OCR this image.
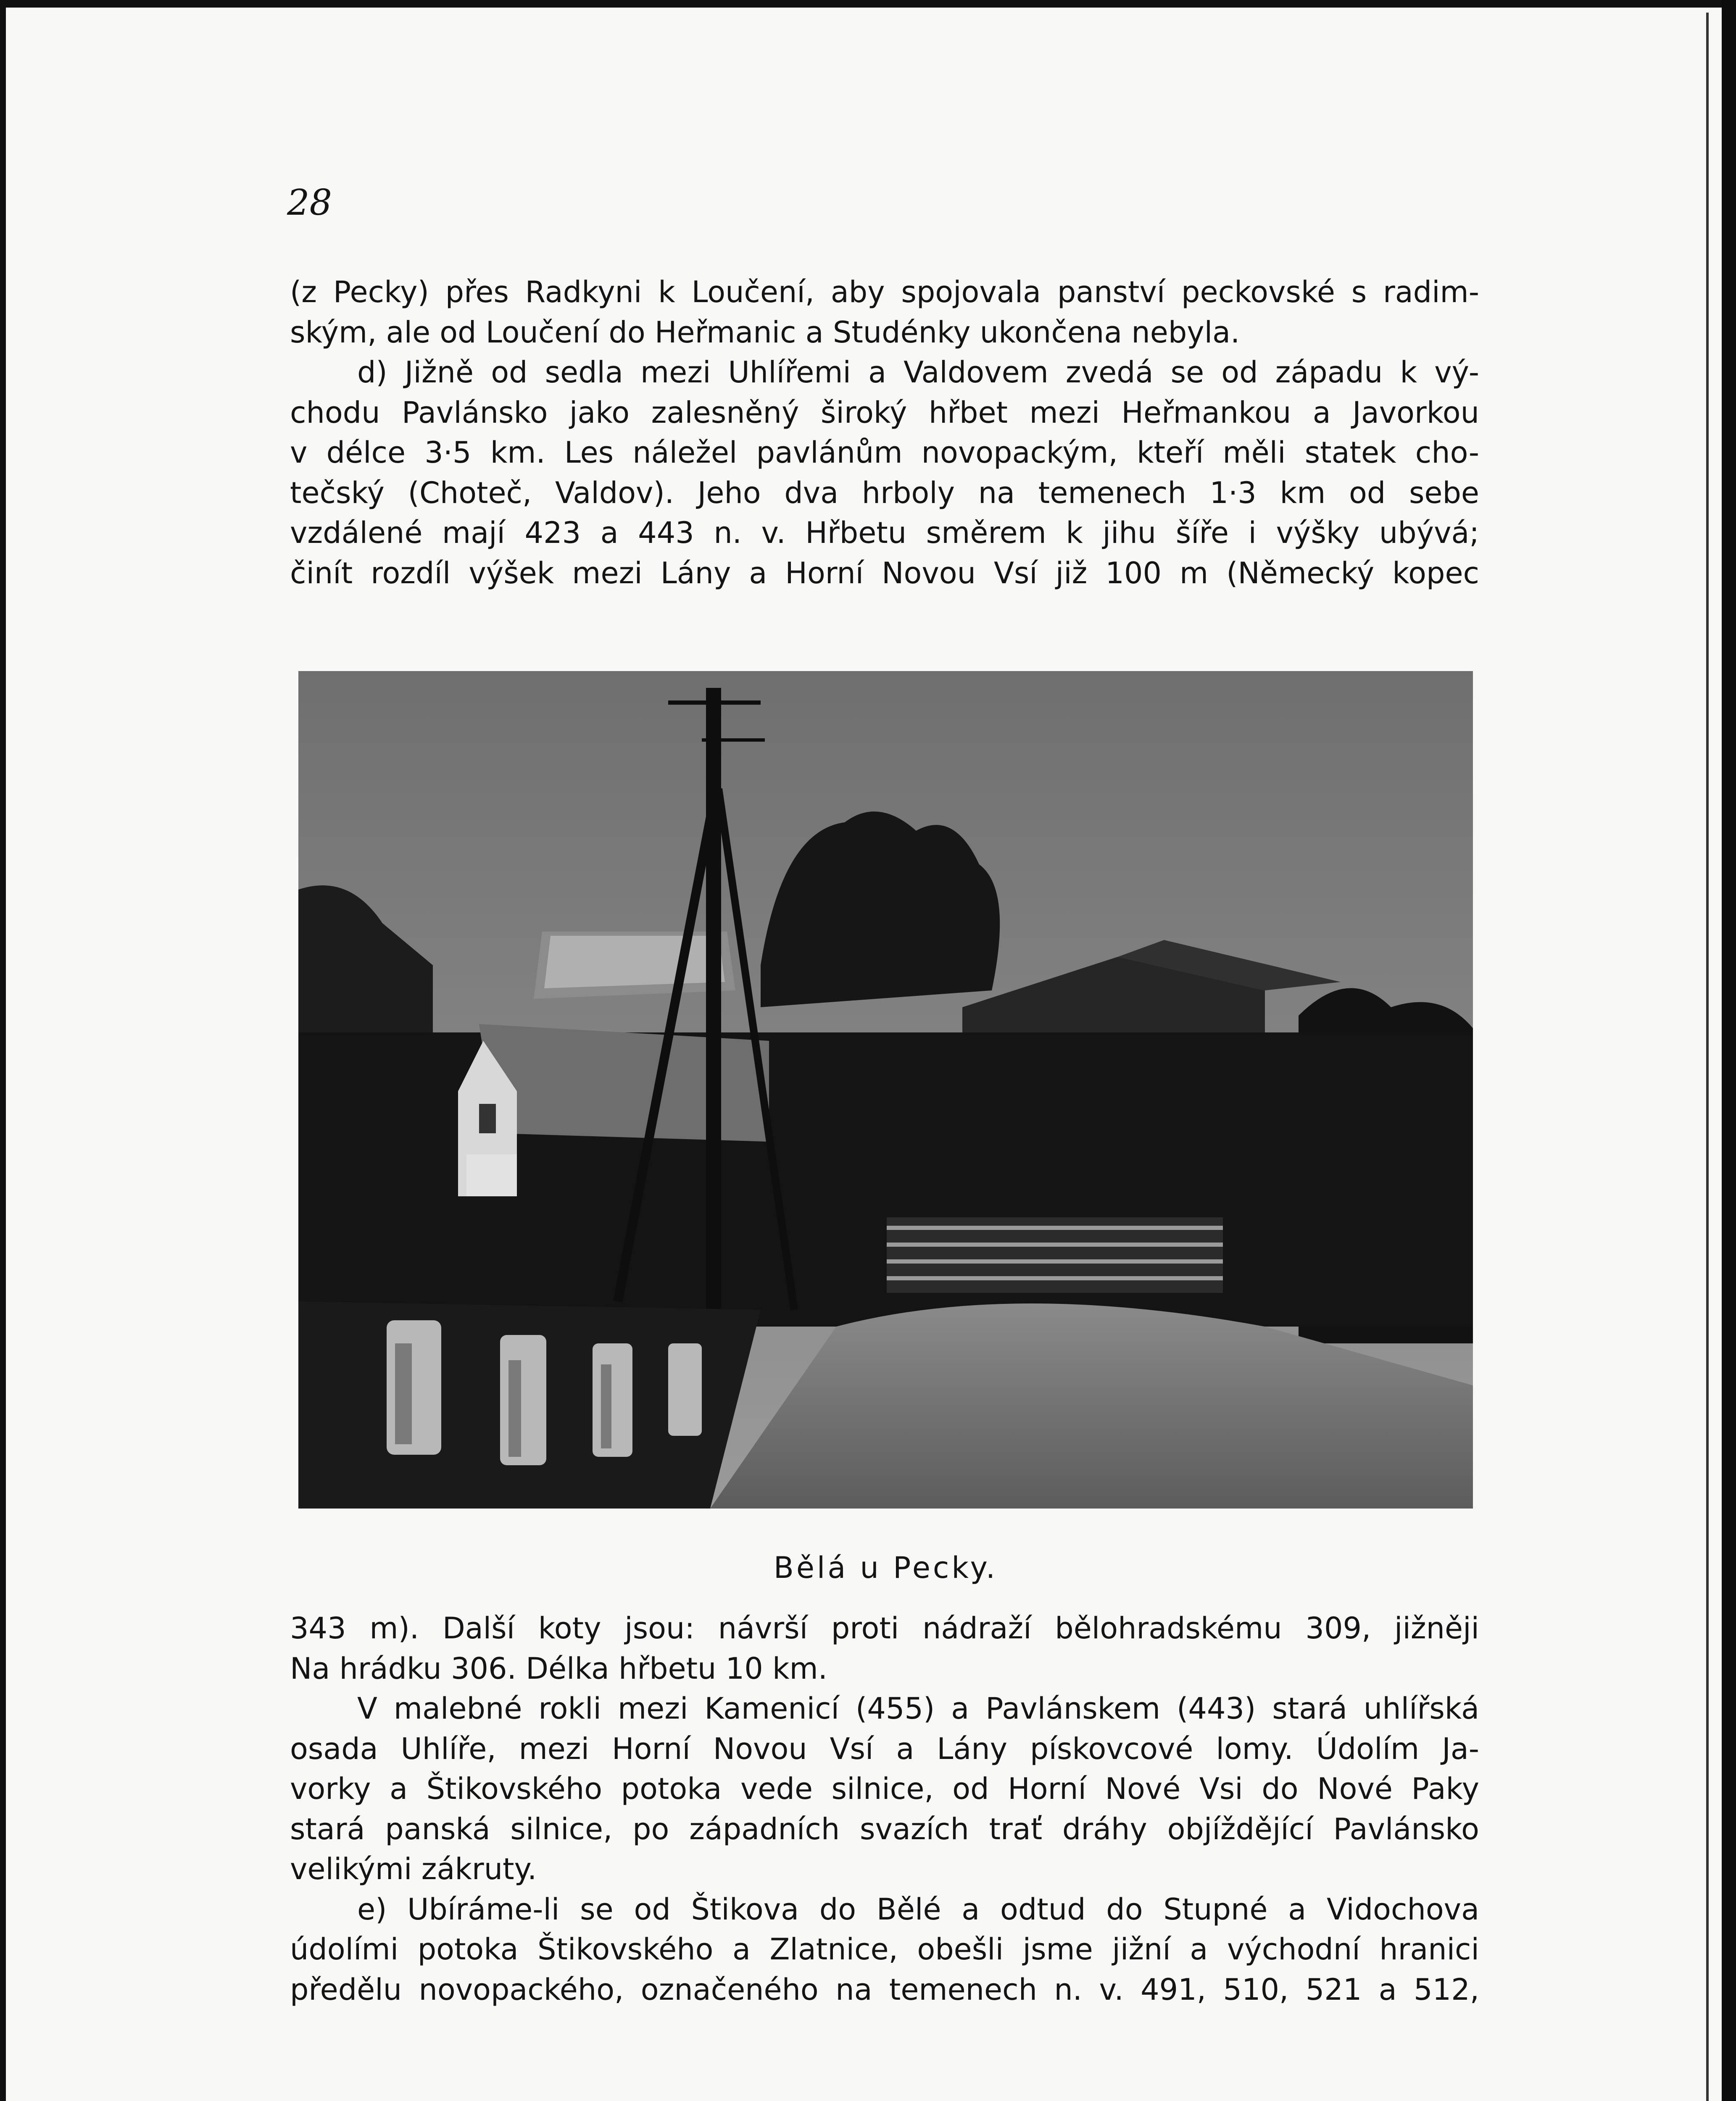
28
(z Pecky) přes Radkyni k Loučení, aby spojovala panství peckovské s radim-
ským, ale od Loučení do Heřmanic a Studénky ukončena nebyla.
d) Jižně od sedla mezi Uhlířemi a Valdovem zvedá se od západu k vý-
chodu Pavlánsko jako zalesněný široký hřbet mezi Heřmankou a Javorkou
v délce 3·5 km. Les náležel pavlánům novopackým, kteří měli statek cho-
tečský (Choteč, Valdov). Jeho dva hrboly na temenech 1·3 km od sebe
vzdálené mají 423 a 443 n. v. Hřbetu směrem k jihu šíře i výšky ubývá;
činít rozdíl výšek mezi Lány a Horní Novou Vsí již 100 m (Německý kopec
Bělá u Pecky.
343 m). Další koty jsou: návrší proti nádraží bělohradskému 309, jižněji
Na hrádku 306. Délka hřbetu 10 km.
V malebné rokli mezi Kamenicí (455) a Pavlánskem (443) stará uhlířská
osada Uhlíře, mezi Horní Novou Vsí a Lány pískovcové lomy. Údolím Ja-
vorky a Štikovského potoka vede silnice, od Horní Nové Vsi do Nové Paky
stará panská silnice, po západních svazích trať dráhy objíždějící Pavlánsko
velikými zákruty.
e) Ubíráme-li se od Štikova do Bělé a odtud do Stupné a Vidochova
údolími potoka Štikovského a Zlatnice, obešli jsme jižní a východní hranici
předělu novopackého, označeného na temenech n. v. 491, 510, 521 a 512,
